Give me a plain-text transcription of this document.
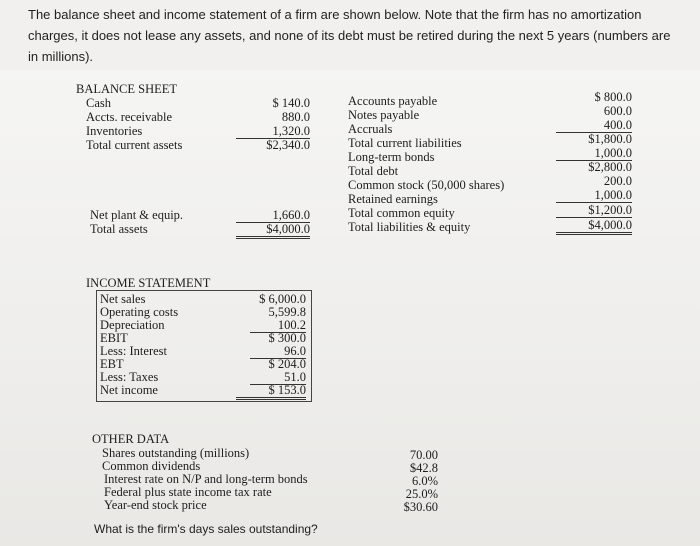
The balance sheet and income statement of a firm are shown below. Note that the firm has no amortization charges, it does not lease any assets, and none of its debt must be retired during the next 5 years (numbers are in millions).
BALANCE SHEET
Cash	$ 140.0
Accts. receivable	880.0
Inventories	1,320.0
Total current assets	$2,340.0
Net plant & equip.	1,660.0
Total assets	$4,000.0
Accounts payable	$ 800.0
Notes payable	600.0
Accruals	400.0
Total current liabilities	$1,800.0
Long-term bonds	1,000.0
Total debt	$2,800.0
Common stock (50,000 shares)	200.0
Retained earnings	1,000.0
Total common equity	$1,200.0
Total liabilities & equity	$4,000.0
INCOME STATEMENT
Net sales	$ 6,000.0
Operating costs	5,599.8
Depreciation	100.2
EBIT	$ 300.0
Less: Interest	96.0
EBT	$ 204.0
Less: Taxes	51.0
Net income	$ 153.0
OTHER DATA
Shares outstanding (millions)	70.00
Common dividends	$42.8
Interest rate on N/P and long-term bonds	6.0%
Federal plus state income tax rate	25.0%
Year-end stock price	$30.60
What is the firm's days sales outstanding?
